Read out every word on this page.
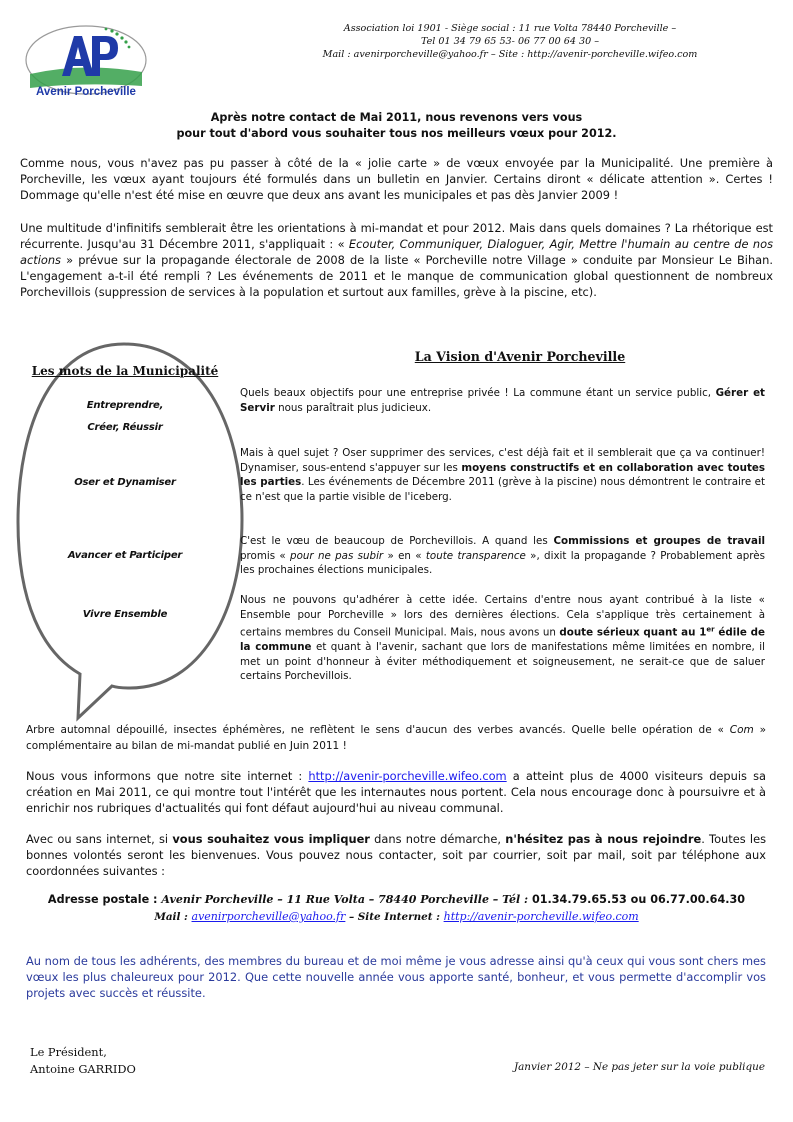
Avenir Porcheville
Association loi 1901 - Siège social : 11 rue Volta 78440 Porcheville –
Tel 01 34 79 65 53- 06 77 00 64 30 –
Mail : avenirporcheville@yahoo.fr – Site : http://avenir-porcheville.wifeo.com
Après notre contact de Mai 2011, nous revenons vers vous
pour tout d'abord vous souhaiter tous nos meilleurs vœux pour 2012.
Comme nous, vous n'avez pas pu passer à côté de la « jolie carte » de vœux envoyée par la Municipalité. Une première à Porcheville, les vœux ayant toujours été formulés dans un bulletin en Janvier. Certains diront « délicate attention ». Certes ! Dommage qu'elle n'est été mise en œuvre que deux ans avant les municipales et pas dès Janvier 2009 !
Une multitude d'infinitifs semblerait être les orientations à mi-mandat et pour 2012. Mais dans quels domaines ? La rhétorique est récurrente. Jusqu'au 31 Décembre 2011, s'appliquait : « Ecouter, Communiquer, Dialoguer, Agir, Mettre l'humain au centre de nos actions » prévue sur la propagande électorale de 2008 de la liste « Porcheville notre Village » conduite par Monsieur Le Bihan. L'engagement a-t-il été rempli ? Les événements de 2011 et le manque de communication global questionnent de nombreux Porchevillois (suppression de services à la population et surtout aux familles, grève à la piscine, etc).
Les mots de la Municipalité
Entreprendre,
Créer, Réussir
Oser et Dynamiser
Avancer et Participer
Vivre Ensemble
La Vision d'Avenir Porcheville
Quels beaux objectifs pour une entreprise privée ! La commune étant un service public, Gérer et Servir nous paraîtrait plus judicieux.
Mais à quel sujet ? Oser supprimer des services, c'est déjà fait et il semblerait que ça va continuer! Dynamiser, sous-entend s'appuyer sur les moyens constructifs et en collaboration avec toutes les parties. Les événements de Décembre 2011 (grève à la piscine) nous démontrent le contraire et ce n'est que la partie visible de l'iceberg.
C'est le vœu de beaucoup de Porchevillois. A quand les Commissions et groupes de travail promis « pour ne pas subir » en « toute transparence », dixit la propagande ? Probablement après les prochaines élections municipales.
Nous ne pouvons qu'adhérer à cette idée. Certains d'entre nous ayant contribué à la liste « Ensemble pour Porcheville » lors des dernières élections. Cela s'applique très certainement à certains membres du Conseil Municipal. Mais, nous avons un doute sérieux quant au 1er édile de la commune et quant à l'avenir, sachant que lors de manifestations même limitées en nombre, il met un point d'honneur à éviter méthodiquement et soigneusement, ne serait-ce que de saluer certains Porchevillois.
Arbre automnal dépouillé, insectes éphémères, ne reflètent le sens d'aucun des verbes avancés. Quelle belle opération de « Com » complémentaire au bilan de mi-mandat publié en Juin 2011 !
Nous vous informons que notre site internet : http://avenir-porcheville.wifeo.com a atteint plus de 4000 visiteurs depuis sa création en Mai 2011, ce qui montre tout l'intérêt que les internautes nous portent. Cela nous encourage donc à poursuivre et à enrichir nos rubriques d'actualités qui font défaut aujourd'hui au niveau communal.
Avec ou sans internet, si vous souhaitez vous impliquer dans notre démarche, n'hésitez pas à nous rejoindre. Toutes les bonnes volontés seront les bienvenues. Vous pouvez nous contacter, soit par courrier, soit par mail, soit par téléphone aux coordonnées suivantes :
Adresse postale : Avenir Porcheville – 11 Rue Volta – 78440 Porcheville – Tél : 01.34.79.65.53 ou 06.77.00.64.30
Mail : avenirporcheville@yahoo.fr – Site Internet : http://avenir-porcheville.wifeo.com
Au nom de tous les adhérents, des membres du bureau et de moi même je vous adresse ainsi qu'à ceux qui vous sont chers mes vœux les plus chaleureux pour 2012. Que cette nouvelle année vous apporte santé, bonheur, et vous permette d'accomplir vos projets avec succès et réussite.
Le Président,
Antoine GARRIDO	Janvier 2012 – Ne pas jeter sur la voie publique
